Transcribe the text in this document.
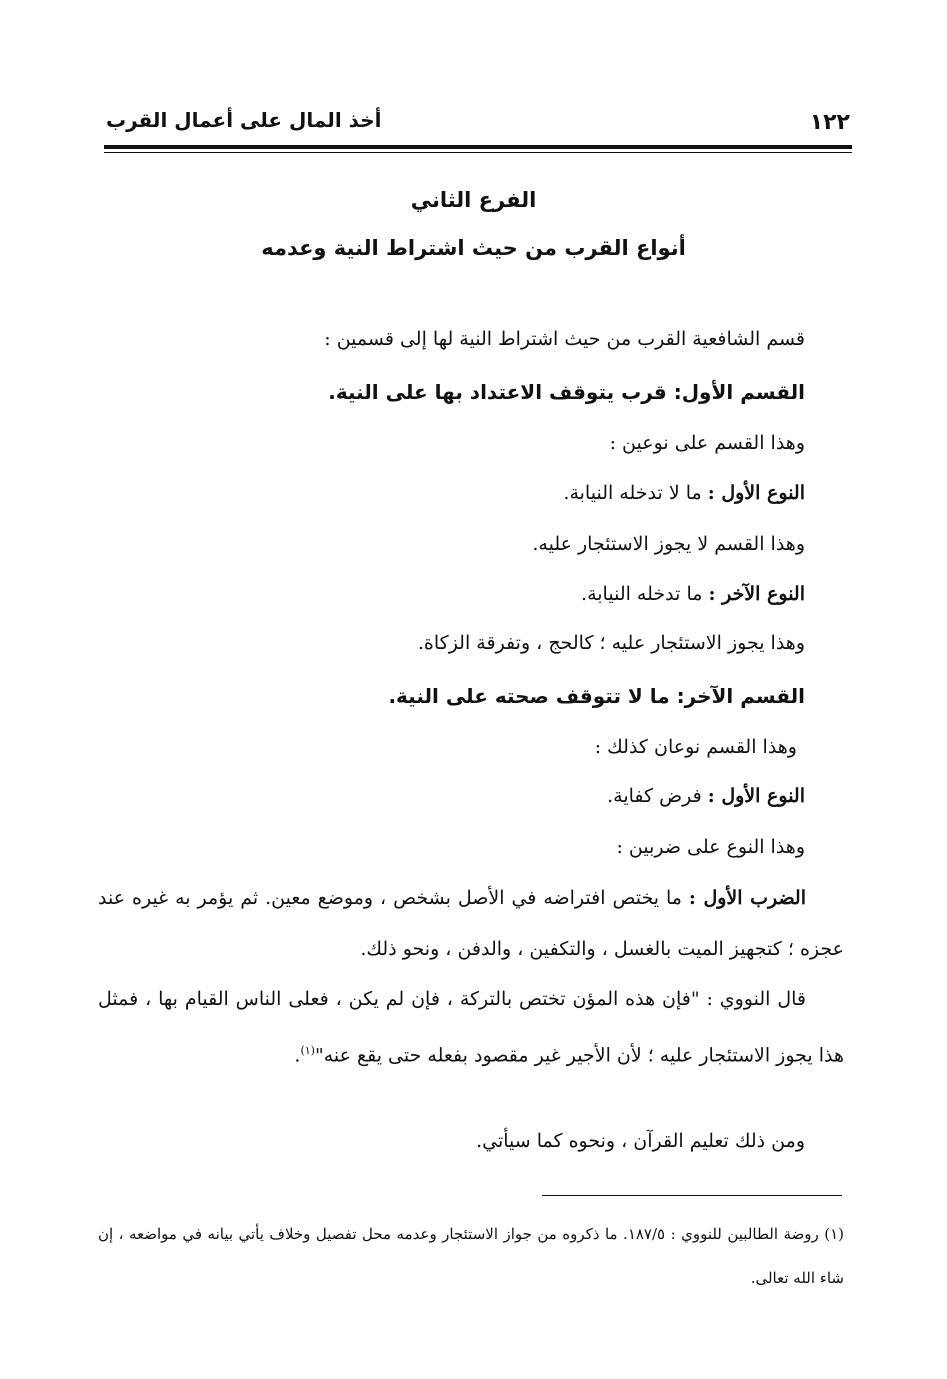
أخذ المال على أعمال القرب	١٢٢
الفرع الثاني
أنواع القرب من حيث اشتراط النية وعدمه
قسم الشافعية القرب من حيث اشتراط النية لها إلى قسمين :
القسم الأول: قرب يتوقف الاعتداد بها على النية.
وهذا القسم على نوعين :
النوع الأول : ما لا تدخله النيابة.
وهذا القسم لا يجوز الاستئجار عليه.
النوع الآخر : ما تدخله النيابة.
وهذا يجوز الاستئجار عليه ؛ كالحج ، وتفرقة الزكاة.
القسم الآخر: ما لا تتوقف صحته على النية.
وهذا القسم نوعان كذلك :
النوع الأول : فرض كفاية.
وهذا النوع على ضربين :
الضرب الأول : ما يختص افتراضه في الأصل بشخص ، وموضع معين. ثم يؤمر به غيره عند عجزه ؛ كتجهيز الميت بالغسل ، والتكفين ، والدفن ، ونحو ذلك.
قال النووي : "فإن هذه المؤن تختص بالتركة ، فإن لم يكن ، فعلى الناس القيام بها ، فمثل هذا يجوز الاستئجار عليه ؛ لأن الأجير غير مقصود بفعله حتى يقع عنه"$^{(١)}$.
ومن ذلك تعليم القرآن ، ونحوه كما سيأتي.
(١) روضة الطالبين للنووي : ١٨٧/٥. ما ذكروه من جواز الاستئجار وعدمه محل تفصيل وخلاف يأتي بيانه في مواضعه ، إن شاء الله تعالى.
